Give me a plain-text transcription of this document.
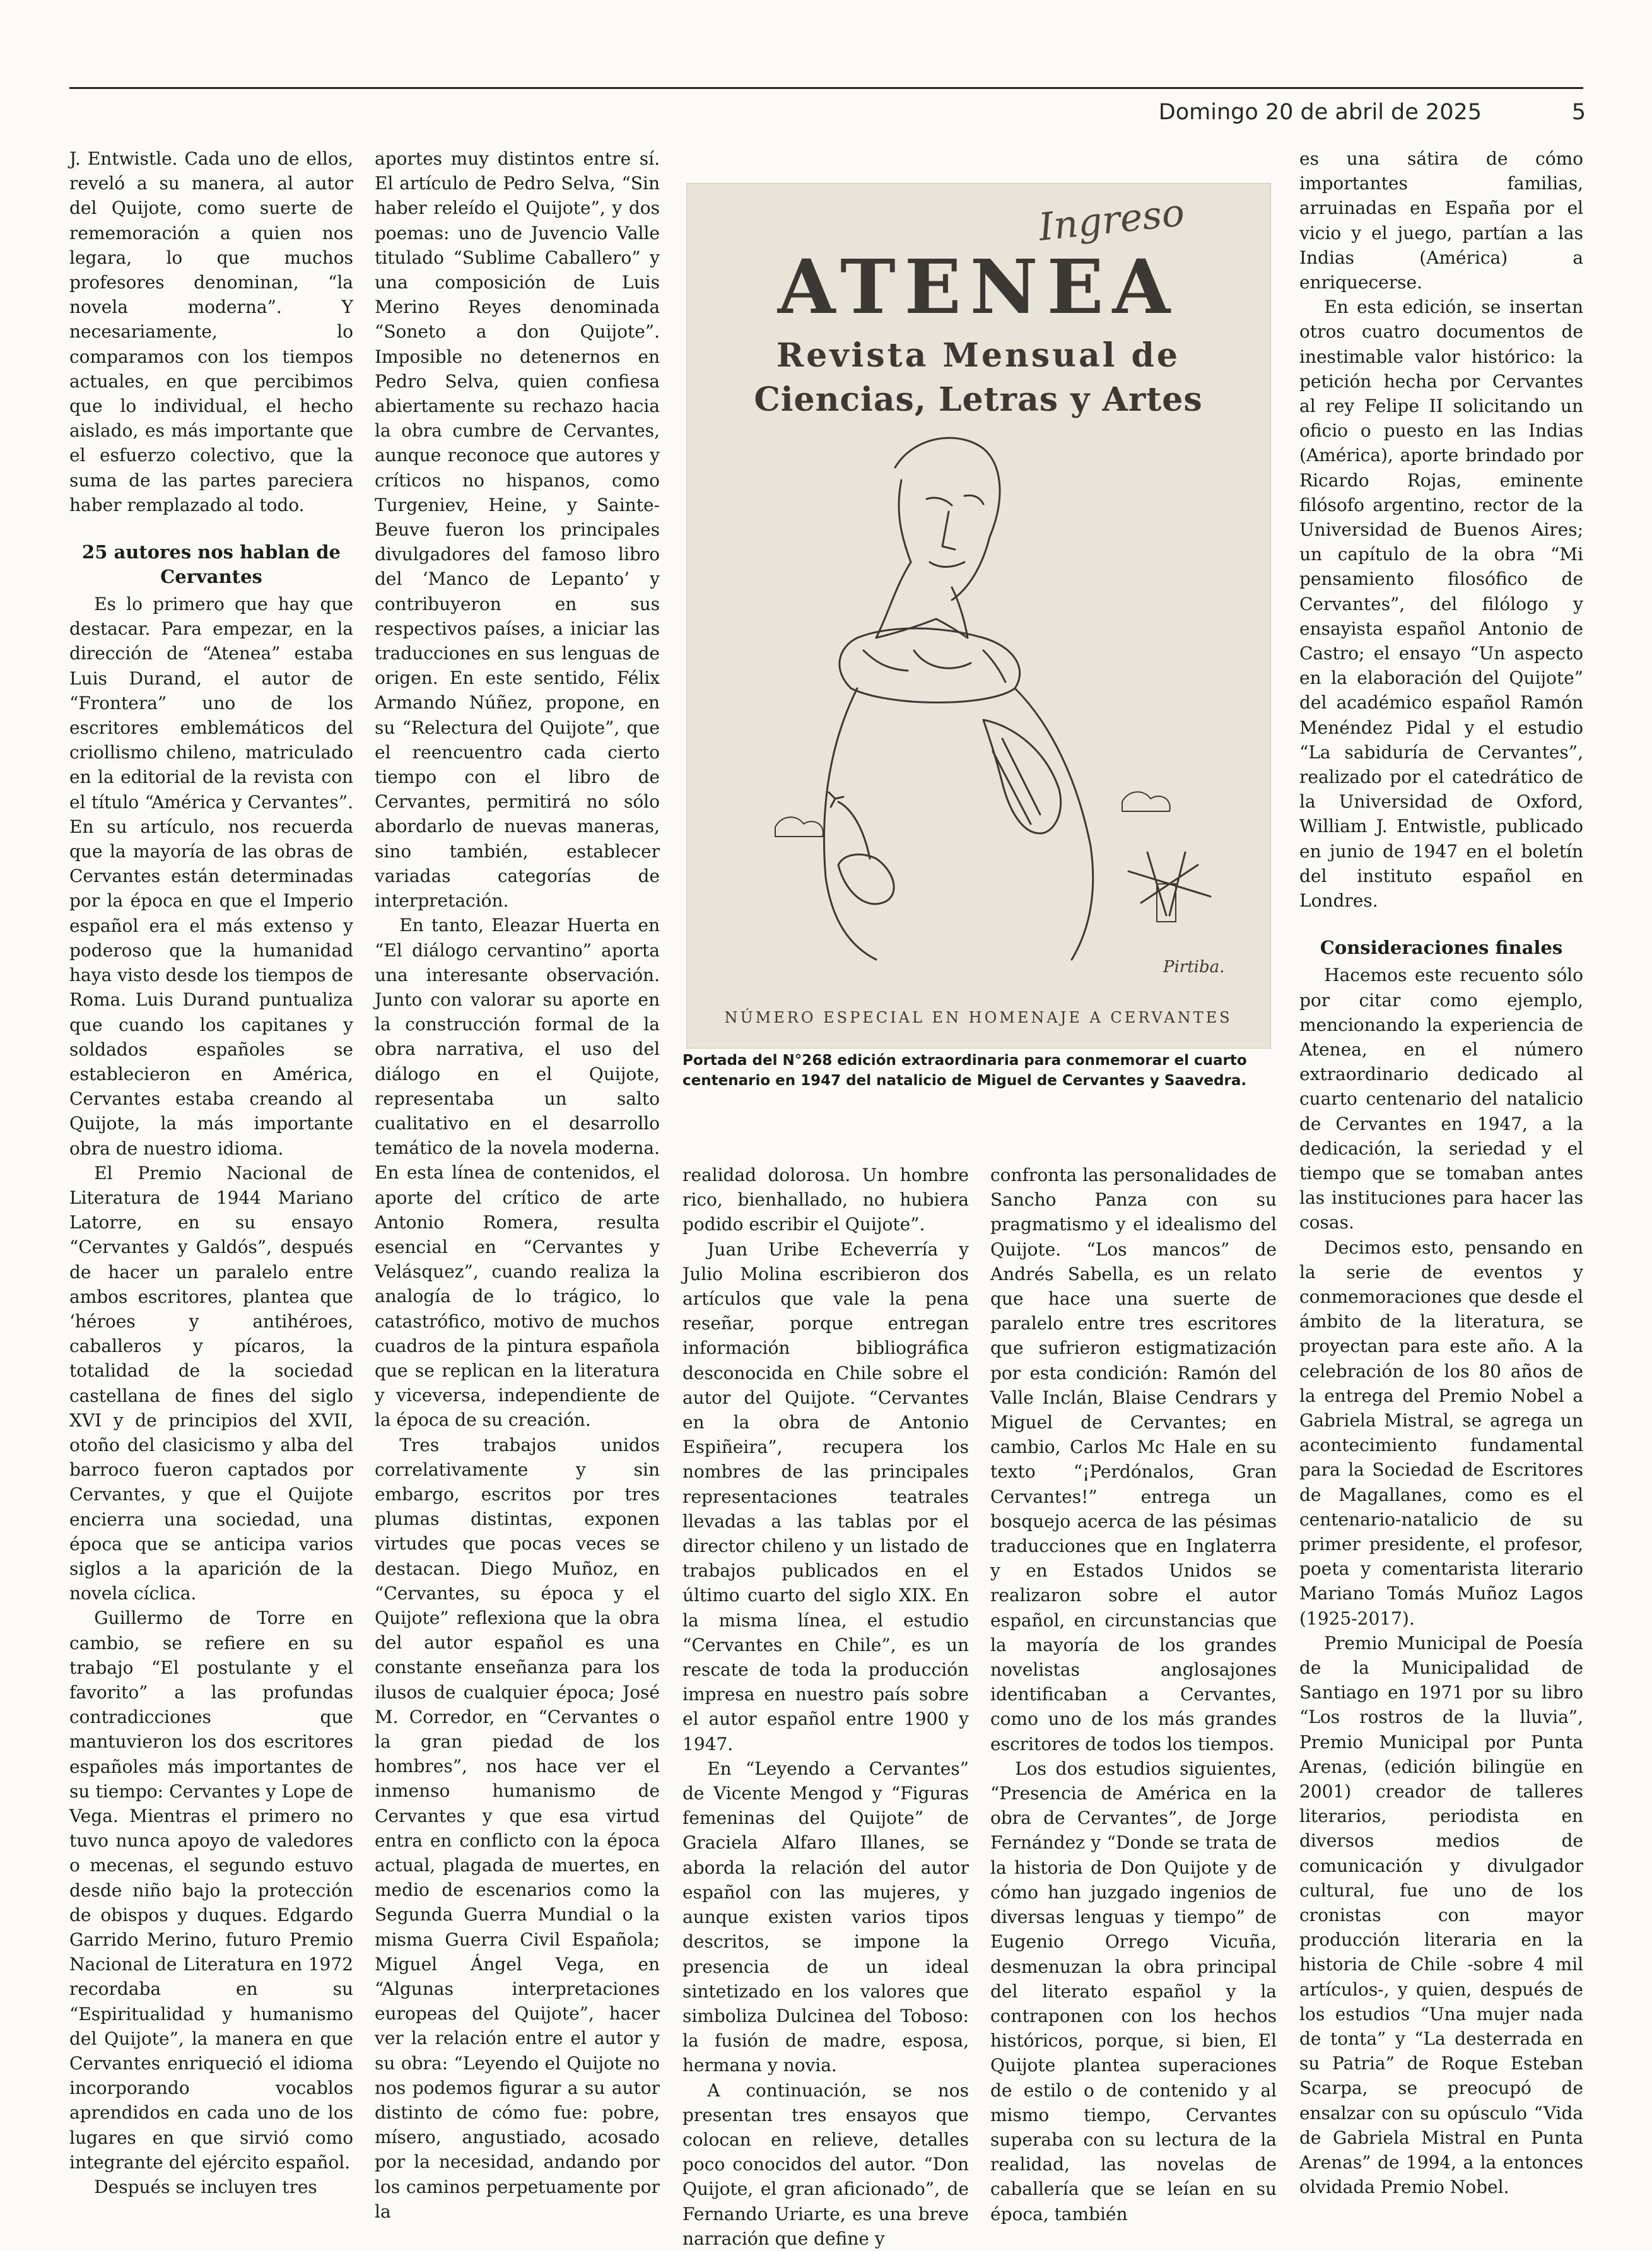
Domingo 20 de abril de 2025	5

J. Entwistle. Cada uno de ellos, reveló a su manera, al autor del Quijote, como suerte de rememoración a quien nos legara, lo que muchos profesores denominan, “la novela moderna”. Y necesariamente, lo comparamos con los tiempos actuales, en que percibimos que lo individual, el hecho aislado, es más importante que el esfuerzo colectivo, que la suma de las partes pareciera haber remplazado al todo.

25 autores nos hablan de Cervantes

Es lo primero que hay que destacar. Para empezar, en la dirección de “Atenea” estaba Luis Durand, el autor de “Frontera” uno de los escritores emblemáticos del criollismo chileno, matriculado en la editorial de la revista con el título “América y Cervantes”. En su artículo, nos recuerda que la mayoría de las obras de Cervantes están determinadas por la época en que el Imperio español era el más extenso y poderoso que la humanidad haya visto desde los tiempos de Roma. Luis Durand puntualiza que cuando los capitanes y soldados españoles se establecieron en América, Cervantes estaba creando al Quijote, la más importante obra de nuestro idioma.

El Premio Nacional de Literatura de 1944 Mariano Latorre, en su ensayo “Cervantes y Galdós”, después de hacer un paralelo entre ambos escritores, plantea que ‘héroes y antihéroes, caballeros y pícaros, la totalidad de la sociedad castellana de fines del siglo XVI y de principios del XVII, otoño del clasicismo y alba del barroco fueron captados por Cervantes, y que el Quijote encierra una sociedad, una época que se anticipa varios siglos a la aparición de la novela cíclica.

Guillermo de Torre en cambio, se refiere en su trabajo “El postulante y el favorito” a las profundas contradicciones que mantuvieron los dos escritores españoles más importantes de su tiempo: Cervantes y Lope de Vega. Mientras el primero no tuvo nunca apoyo de valedores o mecenas, el segundo estuvo desde niño bajo la protección de obispos y duques. Edgardo Garrido Merino, futuro Premio Nacional de Literatura en 1972 recordaba en su “Espiritualidad y humanismo del Quijote”, la manera en que Cervantes enriqueció el idioma incorporando vocablos aprendidos en cada uno de los lugares en que sirvió como integrante del ejército español.

Después se incluyen tres

aportes muy distintos entre sí. El artículo de Pedro Selva, “Sin haber releído el Quijote”, y dos poemas: uno de Juvencio Valle titulado “Sublime Caballero” y una composición de Luis Merino Reyes denominada “Soneto a don Quijote”. Imposible no detenernos en Pedro Selva, quien confiesa abiertamente su rechazo hacia la obra cumbre de Cervantes, aunque reconoce que autores y críticos no hispanos, como Turgeniev, Heine, y Sainte-Beuve fueron los principales divulgadores del famoso libro del ‘Manco de Lepanto’ y contribuyeron en sus respectivos países, a iniciar las traducciones en sus lenguas de origen. En este sentido, Félix Armando Núñez, propone, en su “Relectura del Quijote”, que el reencuentro cada cierto tiempo con el libro de Cervantes, permitirá no sólo abordarlo de nuevas maneras, sino también, establecer variadas categorías de interpretación.

En tanto, Eleazar Huerta en “El diálogo cervantino” aporta una interesante observación. Junto con valorar su aporte en la construcción formal de la obra narrativa, el uso del diálogo en el Quijote, representaba un salto cualitativo en el desarrollo temático de la novela moderna. En esta línea de contenidos, el aporte del crítico de arte Antonio Romera, resulta esencial en “Cervantes y Velásquez”, cuando realiza la analogía de lo trágico, lo catastrófico, motivo de muchos cuadros de la pintura española que se replican en la literatura y viceversa, independiente de la época de su creación.

Tres trabajos unidos correlativamente y sin embargo, escritos por tres plumas distintas, exponen virtudes que pocas veces se destacan. Diego Muñoz, en “Cervantes, su época y el Quijote” reflexiona que la obra del autor español es una constante enseñanza para los ilusos de cualquier época; José M. Corredor, en “Cervantes o la gran piedad de los hombres”, nos hace ver el inmenso humanismo de Cervantes y que esa virtud entra en conflicto con la época actual, plagada de muertes, en medio de escenarios como la Segunda Guerra Mundial o la misma Guerra Civil Española; Miguel Ángel Vega, en “Algunas interpretaciones europeas del Quijote”, hacer ver la relación entre el autor y su obra: “Leyendo el Quijote no nos podemos figurar a su autor distinto de cómo fue: pobre, mísero, angustiado, acosado por la necesidad, andando por los caminos perpetuamente por la

Ingreso
ATENEA
Revista Mensual de
Ciencias, Letras y Artes
Pirtiba.
NÚMERO ESPECIAL EN HOMENAJE A CERVANTES
Portada del N°268 edición extraordinaria para conmemorar el cuarto centenario en 1947 del natalicio de Miguel de Cervantes y Saavedra.

realidad dolorosa. Un hombre rico, bienhallado, no hubiera podido escribir el Quijote”.

Juan Uribe Echeverría y Julio Molina escribieron dos artículos que vale la pena reseñar, porque entregan información bibliográfica desconocida en Chile sobre el autor del Quijote. “Cervantes en la obra de Antonio Espiñeira”, recupera los nombres de las principales representaciones teatrales llevadas a las tablas por el director chileno y un listado de trabajos publicados en el último cuarto del siglo XIX. En la misma línea, el estudio “Cervantes en Chile”, es un rescate de toda la producción impresa en nuestro país sobre el autor español entre 1900 y 1947.

En “Leyendo a Cervantes” de Vicente Mengod y “Figuras femeninas del Quijote” de Graciela Alfaro Illanes, se aborda la relación del autor español con las mujeres, y aunque existen varios tipos descritos, se impone la presencia de un ideal sintetizado en los valores que simboliza Dulcinea del Toboso: la fusión de madre, esposa, hermana y novia.

A continuación, se nos presentan tres ensayos que colocan en relieve, detalles poco conocidos del autor. “Don Quijote, el gran aficionado”, de Fernando Uriarte, es una breve narración que define y

confronta las personalidades de Sancho Panza con su pragmatismo y el idealismo del Quijote. “Los mancos” de Andrés Sabella, es un relato que hace una suerte de paralelo entre tres escritores que sufrieron estigmatización por esta condición: Ramón del Valle Inclán, Blaise Cendrars y Miguel de Cervantes; en cambio, Carlos Mc Hale en su texto “¡Perdónalos, Gran Cervantes!” entrega un bosquejo acerca de las pésimas traducciones que en Inglaterra y en Estados Unidos se realizaron sobre el autor español, en circunstancias que la mayoría de los grandes novelistas anglosajones identificaban a Cervantes, como uno de los más grandes escritores de todos los tiempos.

Los dos estudios siguientes, “Presencia de América en la obra de Cervantes”, de Jorge Fernández y “Donde se trata de la historia de Don Quijote y de cómo han juzgado ingenios de diversas lenguas y tiempo” de Eugenio Orrego Vicuña, desmenuzan la obra principal del literato español y la contraponen con los hechos históricos, porque, si bien, El Quijote plantea superaciones de estilo o de contenido y al mismo tiempo, Cervantes superaba con su lectura de la realidad, las novelas de caballería que se leían en su época, también

es una sátira de cómo importantes familias, arruinadas en España por el vicio y el juego, partían a las Indias (América) a enriquecerse.

En esta edición, se insertan otros cuatro documentos de inestimable valor histórico: la petición hecha por Cervantes al rey Felipe II solicitando un oficio o puesto en las Indias (América), aporte brindado por Ricardo Rojas, eminente filósofo argentino, rector de la Universidad de Buenos Aires; un capítulo de la obra “Mi pensamiento filosófico de Cervantes”, del filólogo y ensayista español Antonio de Castro; el ensayo “Un aspecto en la elaboración del Quijote” del académico español Ramón Menéndez Pidal y el estudio “La sabiduría de Cervantes”, realizado por el catedrático de la Universidad de Oxford, William J. Entwistle, publicado en junio de 1947 en el boletín del instituto español en Londres.

Consideraciones finales

Hacemos este recuento sólo por citar como ejemplo, mencionando la experiencia de Atenea, en el número extraordinario dedicado al cuarto centenario del natalicio de Cervantes en 1947, a la dedicación, la seriedad y el tiempo que se tomaban antes las instituciones para hacer las cosas.

Decimos esto, pensando en la serie de eventos y conmemoraciones que desde el ámbito de la literatura, se proyectan para este año. A la celebración de los 80 años de la entrega del Premio Nobel a Gabriela Mistral, se agrega un acontecimiento fundamental para la Sociedad de Escritores de Magallanes, como es el centenario-natalicio de su primer presidente, el profesor, poeta y comentarista literario Mariano Tomás Muñoz Lagos (1925-2017).

Premio Municipal de Poesía de la Municipalidad de Santiago en 1971 por su libro “Los rostros de la lluvia”, Premio Municipal por Punta Arenas, (edición bilingüe en 2001) creador de talleres literarios, periodista en diversos medios de comunicación y divulgador cultural, fue uno de los cronistas con mayor producción literaria en la historia de Chile -sobre 4 mil artículos-, y quien, después de los estudios “Una mujer nada de tonta” y “La desterrada en su Patria” de Roque Esteban Scarpa, se preocupó de ensalzar con su opúsculo “Vida de Gabriela Mistral en Punta Arenas” de 1994, a la entonces olvidada Premio Nobel.
